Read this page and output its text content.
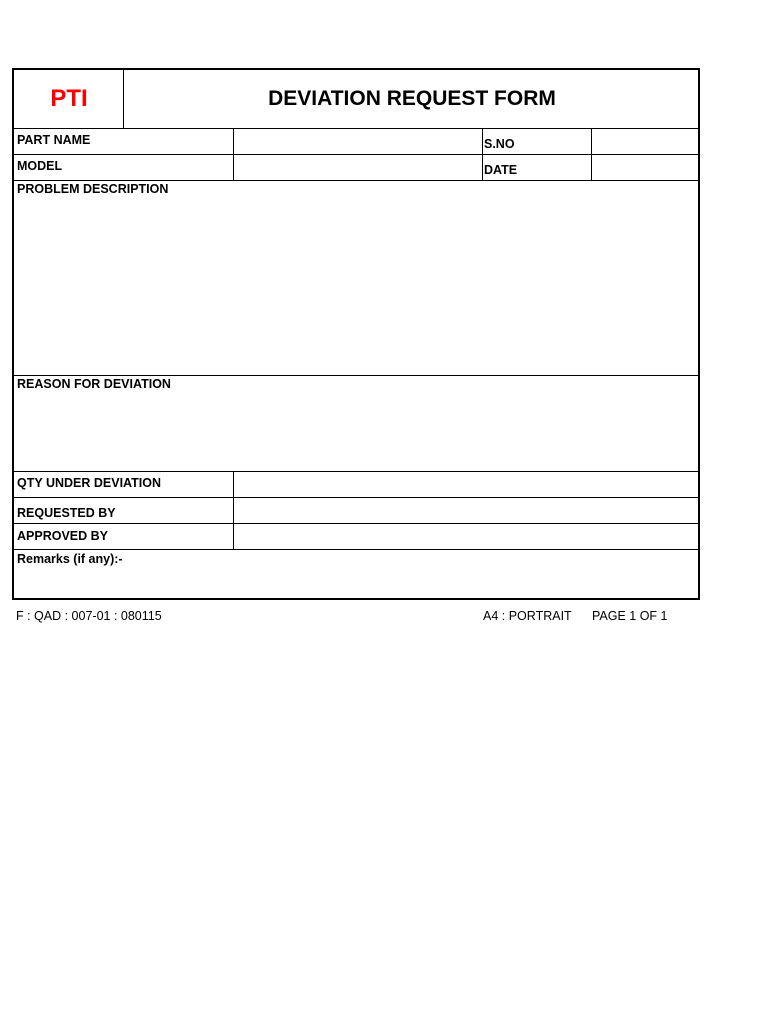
PTI	DEVIATION REQUEST FORM
PART NAME	S.NO
MODEL	DATE
PROBLEM DESCRIPTION
REASON FOR DEVIATION
QTY UNDER DEVIATION
REQUESTED BY
APPROVED BY
Remarks (if any):-
F : QAD : 007-01 : 080115	A4 : PORTRAIT PAGE 1 OF 1
